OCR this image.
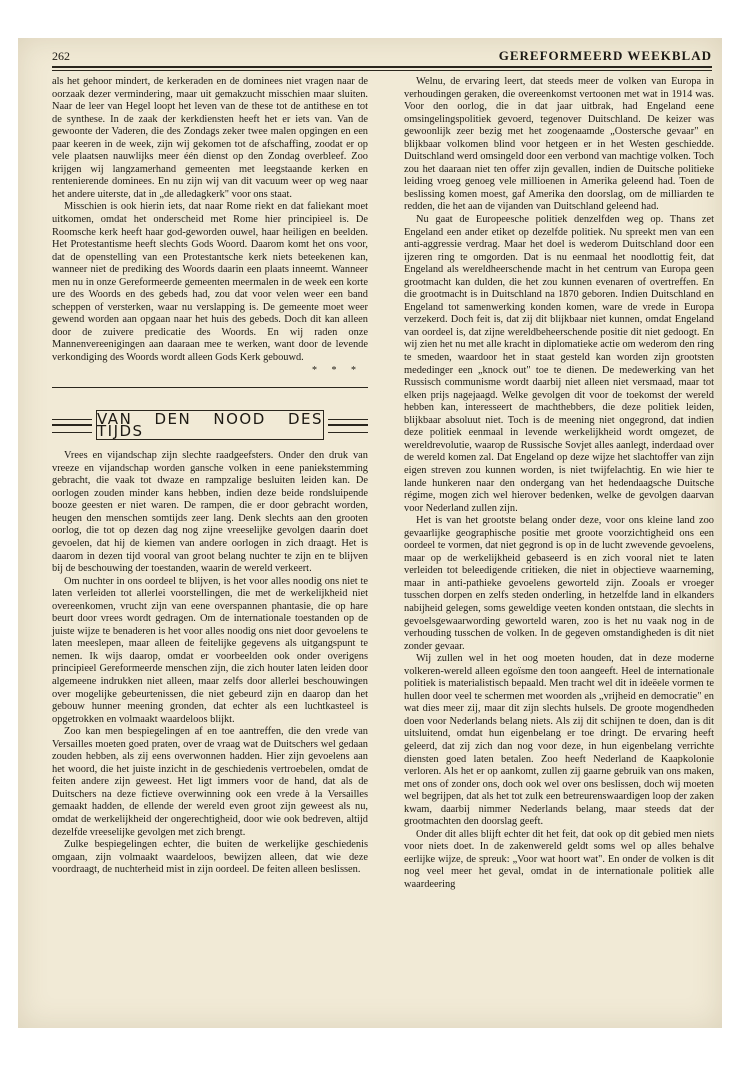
262	GEREFORMEERD WEEKBLAD

als het gehoor mindert, de kerkeraden en de dominees niet vragen naar de oorzaak dezer vermindering, maar uit gemakzucht misschien maar sluiten. Naar de leer van Hegel loopt het leven van de these tot de antithese en tot de synthese. In de zaak der kerkdiensten heeft het er iets van. Van de gewoonte der Vaderen, die des Zondags zeker twee malen opgingen en een paar keeren in de week, zijn wij gekomen tot de afschaffing, zoodat er op vele plaatsen nauwlijks meer één dienst op den Zondag overbleef. Zoo krijgen wij langzamerhand gemeenten met leegstaande kerken en rentenierende dominees. En nu zijn wij van dit vacuum weer op weg naar het andere uiterste, dat in „de alledagkerk" voor ons staat.

Misschien is ook hierin iets, dat naar Rome riekt en dat faliekant moet uitkomen, omdat het onderscheid met Rome hier principieel is. De Roomsche kerk heeft haar god-geworden ouwel, haar heiligen en beelden. Het Protestantisme heeft slechts Gods Woord. Daarom komt het ons voor, dat de openstelling van een Protestantsche kerk niets beteekenen kan, wanneer niet de prediking des Woords daarin een plaats inneemt. Wanneer men nu in onze Gereformeerde gemeenten meermalen in de week een korte ure des Woords en des gebeds had, zou dat voor velen weer een band scheppen of versterken, waar nu verslapping is. De gemeente moet weer gewend worden aan opgaan naar het huis des gebeds. Doch dit kan alleen door de zuivere predicatie des Woords. En wij raden onze Mannenvereenigingen aan daaraan mee te werken, want door de levende verkondiging des Woords wordt alleen Gods Kerk gebouwd.

* * *
VAN DEN NOOD DES TIJDS

Vrees en vijandschap zijn slechte raadgeefsters. Onder den druk van vreeze en vijandschap worden gansche volken in eene paniekstemming gebracht, die vaak tot dwaze en rampzalige besluiten leiden kan. De oorlogen zouden minder kans hebben, indien deze beide rondsluipende booze geesten er niet waren. De rampen, die er door gebracht worden, heugen den menschen somtijds zeer lang. Denk slechts aan den grooten oorlog, die tot op dezen dag nog zijne vreeselijke gevolgen daarin doet gevoelen, dat hij de kiemen van andere oorlogen in zich draagt. Het is daarom in dezen tijd vooral van groot belang nuchter te zijn en te blijven bij de beschouwing der toestanden, waarin de wereld verkeert.

Om nuchter in ons oordeel te blijven, is het voor alles noodig ons niet te laten verleiden tot allerlei voorstellingen, die met de werkelijkheid niet overeenkomen, vrucht zijn van eene overspannen phantasie, die op hare beurt door vrees wordt gedragen. Om de internationale toestanden op de juiste wijze te benaderen is het voor alles noodig ons niet door gevoelens te laten meeslepen, maar alleen de feitelijke gegevens als uitgangspunt te nemen. Ik wijs daarop, omdat er voorbeelden ook onder overigens principieel Gereformeerde menschen zijn, die zich houter laten leiden door algemeene indrukken niet alleen, maar zelfs door allerlei beschouwingen over mogelijke gebeurtenissen, die niet gebeurd zijn en daarop dan het gebouw hunner meening gronden, dat echter als een luchtkasteel is opgetrokken en volmaakt waardeloos blijkt.

Zoo kan men bespiegelingen af en toe aantreffen, die den vrede van Versailles moeten goed praten, over de vraag wat de Duitschers wel gedaan zouden hebben, als zij eens overwonnen hadden. Hier zijn gevoelens aan het woord, die het juiste inzicht in de geschiedenis vertroebelen, omdat de feiten andere zijn geweest. Het ligt immers voor de hand, dat als de Duitschers na deze fictieve overwinning ook een vrede à la Versailles gemaakt hadden, de ellende der wereld even groot zijn geweest als nu, omdat de werkelijkheid der ongerechtigheid, door wie ook bedreven, altijd dezelfde vreeselijke gevolgen met zich brengt.

Zulke bespiegelingen echter, die buiten de werkelijke geschiedenis omgaan, zijn volmaakt waardeloos, bewijzen alleen, dat wie deze voordraagt, de nuchterheid mist in zijn oordeel. De feiten alleen beslissen.

Welnu, de ervaring leert, dat steeds meer de volken van Europa in verhoudingen geraken, die overeenkomst vertoonen met wat in 1914 was. Voor den oorlog, die in dat jaar uitbrak, had Engeland eene omsingelingspolitiek gevoerd, tegenover Duitschland. De keizer was gewoonlijk zeer bezig met het zoogenaamde „Oostersche gevaar" en blijkbaar volkomen blind voor hetgeen er in het Westen geschiedde. Duitschland werd omsingeld door een verbond van machtige volken. Toch zou het daaraan niet ten offer zijn gevallen, indien de Duitsche politieke leiding vroeg genoeg vele millioenen in Amerika geleend had. Toen de beslissing komen moest, gaf Amerika den doorslag, om de milliarden te redden, die het aan de vijanden van Duitschland geleend had.

Nu gaat de Europeesche politiek denzelfden weg op. Thans zet Engeland een ander etiket op dezelfde politiek. Nu spreekt men van een anti-aggressie verdrag. Maar het doel is wederom Duitschland door een ijzeren ring te omgorden. Dat is nu eenmaal het noodlottig feit, dat Engeland als wereldheerschende macht in het centrum van Europa geen grootmacht kan dulden, die het zou kunnen evenaren of overtreffen. En die grootmacht is in Duitschland na 1870 geboren. Indien Duitschland en Engeland tot samenwerking konden komen, ware de vrede in Europa verzekerd. Doch feit is, dat zij dit blijkbaar niet kunnen, omdat Engeland van oordeel is, dat zijne wereldbeheerschende positie dit niet gedoogt. En wij zien het nu met alle kracht in diplomatieke actie om wederom den ring te smeden, waardoor het in staat gesteld kan worden zijn grootsten mededinger een „knock out" toe te dienen. De medewerking van het Russisch communisme wordt daarbij niet alleen niet versmaad, maar tot elken prijs nagejaagd. Welke gevolgen dit voor de toekomst der wereld hebben kan, interesseert de machthebbers, die deze politiek leiden, blijkbaar absoluut niet. Toch is de meening niet ongegrond, dat indien deze politiek eenmaal in levende werkelijkheid wordt omgezet, de wereldrevolutie, waarop de Russische Sovjet alles aanlegt, inderdaad over de wereld komen zal. Dat Engeland op deze wijze het slachtoffer van zijn eigen streven zou kunnen worden, is niet twijfelachtig. En wie hier te lande hunkeren naar den ondergang van het hedendaagsche Duitsche régime, mogen zich wel hierover bedenken, welke de gevolgen daarvan voor Nederland zullen zijn.

Het is van het grootste belang onder deze, voor ons kleine land zoo gevaarlijke geographische positie met groote voorzichtigheid ons een oordeel te vormen, dat niet gegrond is op in de lucht zwevende gevoelens, maar op de werkelijkheid gebaseerd is en zich vooral niet te laten verleiden tot beleedigende critieken, die niet in objectieve waarneming, maar in anti-pathieke gevoelens geworteld zijn. Zooals er vroeger tusschen dorpen en zelfs steden onderling, in hetzelfde land in elkanders nabijheid gelegen, soms geweldige veeten konden ontstaan, die slechts in gevoelsgewaarwording geworteld waren, zoo is het nu vaak nog in de verhouding tusschen de volken. In de gegeven omstandigheden is dit niet zonder gevaar.

Wij zullen wel in het oog moeten houden, dat in deze moderne volkeren-wereld alleen egoïsme den toon aangeeft. Heel de internationale politiek is materialistisch bepaald. Men tracht wel dit in ideëele vormen te hullen door veel te schermen met woorden als „vrijheid en democratie" en wat dies meer zij, maar dit zijn slechts hulsels. De groote mogendheden doen voor Nederlands belang niets. Als zij dit schijnen te doen, dan is dit uitsluitend, omdat hun eigenbelang er toe dringt. De ervaring heeft geleerd, dat zij zich dan nog voor deze, in hun eigenbelang verrichte diensten goed laten betalen. Zoo heeft Nederland de Kaapkolonie verloren. Als het er op aankomt, zullen zij gaarne gebruik van ons maken, met ons of zonder ons, doch ook wel over ons beslissen, doch wij moeten wel begrijpen, dat als het tot zulk een betreurenswaardigen loop der zaken kwam, daarbij nimmer Nederlands belang, maar steeds dat der grootmachten den doorslag geeft.

Onder dit alles blijft echter dit het feit, dat ook op dit gebied men niets voor niets doet. In de zakenwereld geldt soms wel op alles behalve eerlijke wijze, de spreuk: „Voor wat hoort wat". En onder de volken is dit nog veel meer het geval, omdat in de internationale politiek alle waardeering
